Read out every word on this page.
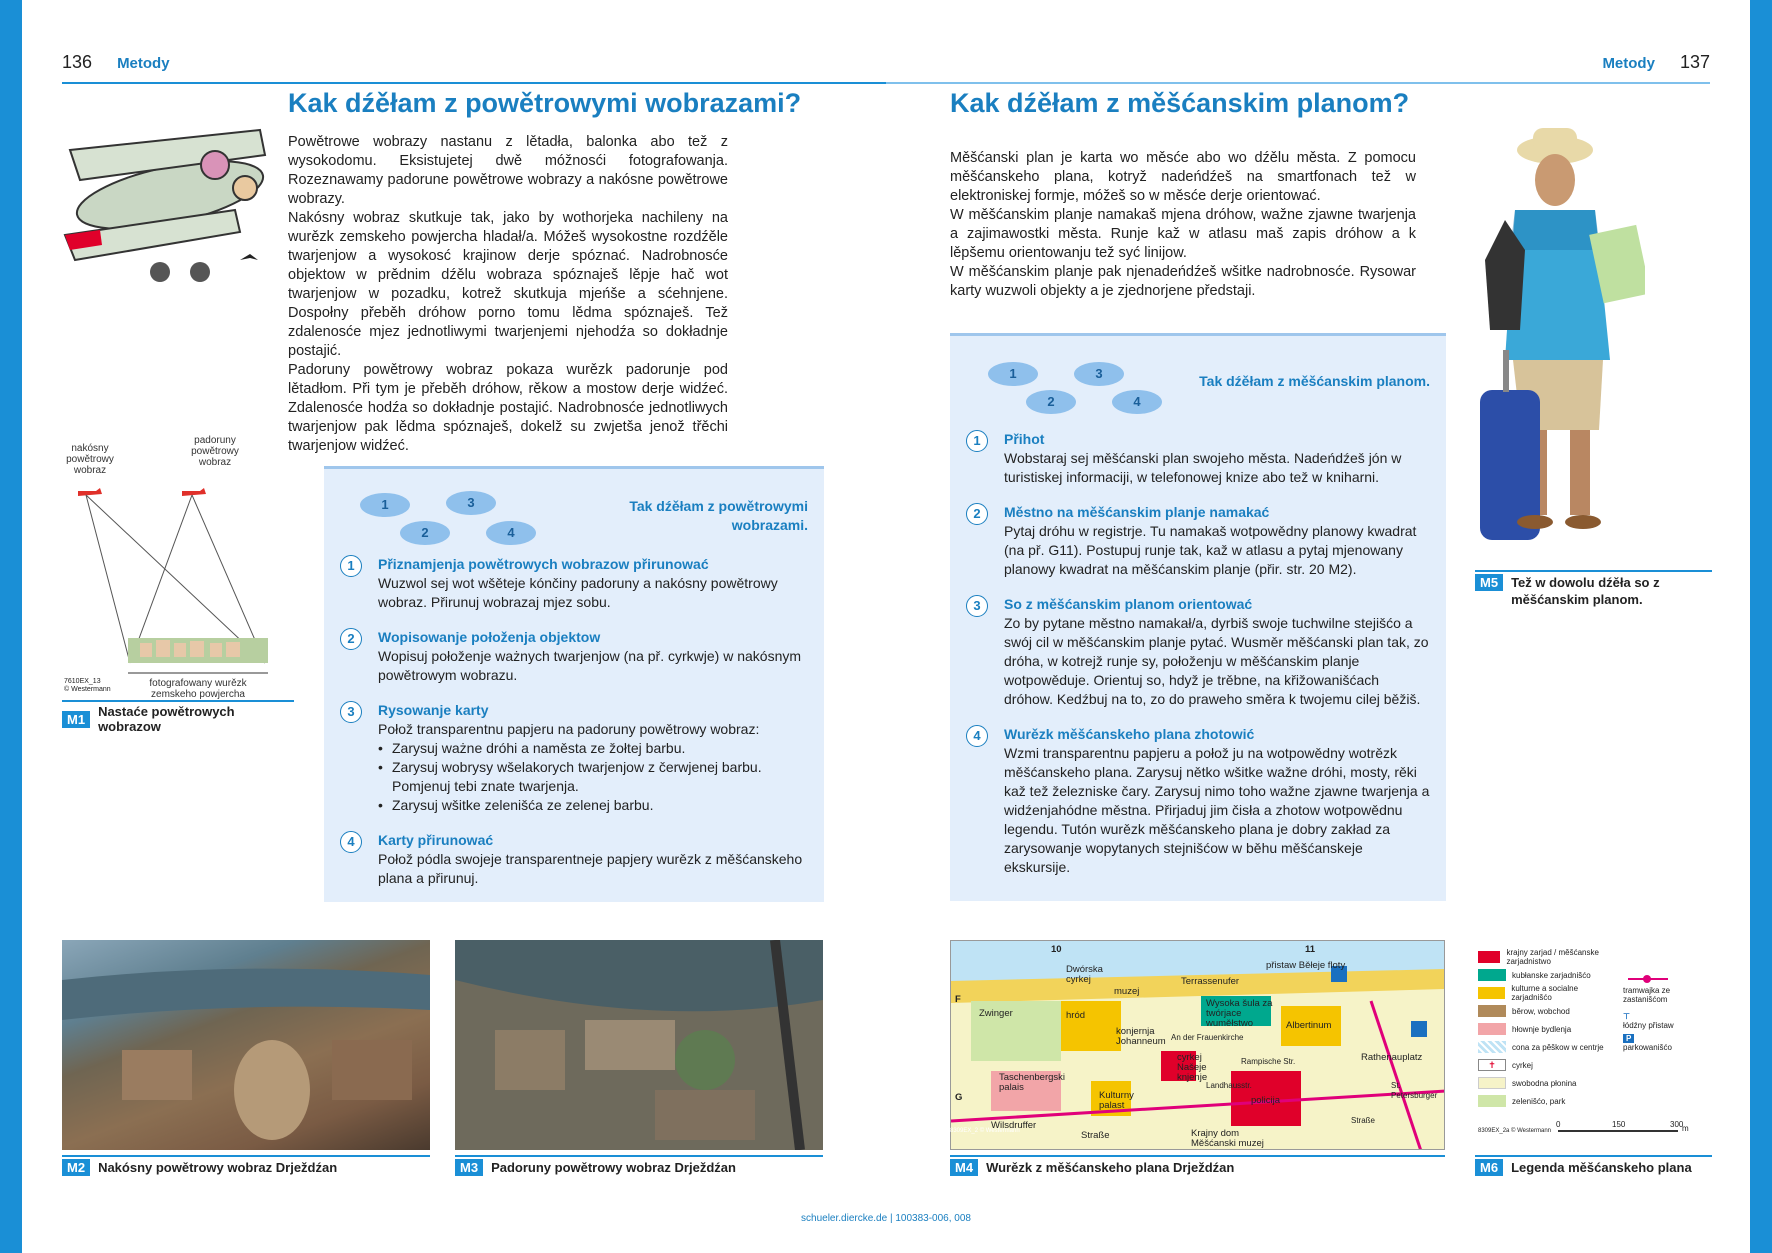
136 Metody	Metody 137
Kak dźěłam z powětrowymi wobrazami?

Powětrowe wobrazy nastanu z lětadła, balonka abo tež z wysokodomu. Eksistujetej dwě móžnosći fotografowanja. Rozeznawamy padorune powětrowe wobrazy a nakósne powětrowe wobrazy.

Nakósny wobraz skutkuje tak, jako by wothorjeka nachileny na wurězk zemskeho powjercha hladał/a. Móžeš wysokostne rozdźěle twarjenjow a wysokosć krajinow derje spóznać. Nadrobnosće objektow w prědnim dźělu wobraza spóznaješ lěpje hač wot twarjenjow w pozadku, kotrež skutkuja mjeńše a sćehnjene. Dospołny přeběh dróhow porno tomu lědma spóznaješ. Tež zdalenosće mjez jednotliwymi twarjenjemi njehodźa so dokładnje postajić.

Padoruny powětrowy wobraz pokaza wurězk padorunje pod lětadłom. Při tym je přeběh dróhow, rěkow a mostow derje widźeć. Zdalenosće hodźa so dokładnje postajić. Nadrobnosće jednotliwych twarjenjow pak lědma spóznaješ, dokelž su zwjetša jenož třěchi twarjenjow widźeć.

nakósny powětrowy wobraz
padoruny powětrowy wobraz
fotografowany wurězk zemskeho powjercha
7610EX_13
© Westermann
M1	Nastaće powětrowych wobrazow
1
2
3
4
Tak dźěłam z powětrowymi wobrazami.
1	Přiznamjenja powětrowych wobrazow přirunować
Wuzwol sej wot wšěteje kónčiny padoruny a nakósny powětrowy wobraz. Přirunuj wobrazaj mjez sobu.
2	Wopisowanje połoženja objektow
Wopisuj połoženje ważnych twarjenjow (na př. cyrkwje) w nakósnym powětrowym wobrazu.
3	Rysowanje karty
Połož transparentnu papjeru na padoruny powětrowy wobraz:
• Zarysuj ważne dróhi a naměsta ze žołtej barbu.
• Zarysuj wobrysy wšelakorych twarjenjow z čerwjenej barbu. Pomjenuj tebi znate twarjenja.
• Zarysuj wšitke zelenišća ze zelenej barbu.
4	Karty přirunować
Połož pódla swojeje transparentneje papjery wurězk z měšćanskeho plana a přirunuj.
Kak dźěłam z měšćanskim planom?

Měšćanski plan je karta wo měsće abo wo dźělu města. Z pomocu měšćanskeho plana, kotryž nadeńdźeš na smartfonach tež w elektroniskej formje, móžeš so w měsće derje orientować.

W měšćanskim planje namakaš mjena dróhow, wažne zjawne twarjenja a zajimawostki města. Runje kaž w atlasu maš zapis dróhow a k lěpšemu orientowanju tež syć linijow.

W měšćanskim planje pak njenadeńdźeš wšitke nadrobnosće. Rysowar karty wuzwoli objekty a je zjednorjene předstaji.

1
2
3
4
Tak dźěłam z měšćanskim planom.
1	Přihot
Wobstaraj sej měšćanski plan swojeho města. Nadeńdźeš jón w turistiskej informaciji, w telefonowej knize abo tež w kniharni.
2	Městno na měšćanskim planje namakać
Pytaj dróhu w registrje. Tu namakaš wotpowědny planowy kwadrat (na př. G11). Postupuj runje tak, kaž w atlasu a pytaj mjenowany planowy kwadrat na měšćanskim planje (přir. str. 20 M2).
3	So z měšćanskim planom orientować
Zo by pytane městno namakał/a, dyrbiš swoje tuchwilne stejišćo a swój cil w měšćanskim planje pytać. Wusměr měšćanski plan tak, zo dróha, w kotrejž runje sy, połoženju w měšćanskim planje wotpowěduje. Orientuj so, hdyž je trěbne, na křižowanišćach dróhow. Kedźbuj na to, zo do praweho směra k twojemu cilej běžiš.
4	Wurězk měšćanskeho plana zhotowić
Wzmi transparentnu papjeru a połož ju na wotpowědny wotrězk měšćanskeho plana. Zarysuj nětko wšitke wažne dróhi, mosty, rěki kaž tež železniske čary. Zarysuj nimo toho wažne zjawne twarjenja a widźenjahódne městna. Přirjaduj jim čisła a zhotow wotpowědnu legendu. Tutón wurězk měšćanskeho plana je dobry zakład za zarysowanje wopytanych stejnišćow w běhu měšćanskeje ekskursije.
M5	Tež w dowolu dźěła so z měšćanskim planom.
M2	Nakósny powětrowy wobraz Drježdźan	M3	Padoruny powětrowy wobraz Drježdźan
přistaw Běłeje floty
Terrassenufer
Dwórska cyrkej
muzej
Zwinger	hród
konjernja Johanneum
Wysoka šula za twórjace wuměłstwo	Albertinum
An der Frauenkirche
cyrkej Našeje knjenje
Taschenbergski palais
Kulturny palast
Rampische Str.
Landhausstr.
policija
Krajny dom Měšćanski muzej
Wilsdruffer
Straße
Rathenauplatz
St. Petersburger
Straße
10	11
F
G
M4	Wurězk z měšćanskeho plana Drježdźan
krajny zarjad / měšćanske zarjadnistwo
kubłanske zarjadnišćo
kulturne a socialne zarjadnišćo
běrow, wobchod
hłownje bydlenja
cona za pěškow w centrje
✝	cyrkej
swobodna płonina
zelenišćo, park
tramwajka ze zastanišćom
⊤
łódźny přistaw
P
parkowanišćo
0	150	300
m
8309EX_2a © Westermann
M6	Legenda měšćanskeho plana
8309EX_2 © Westermann
schueler.diercke.de | 100383-006, 008
